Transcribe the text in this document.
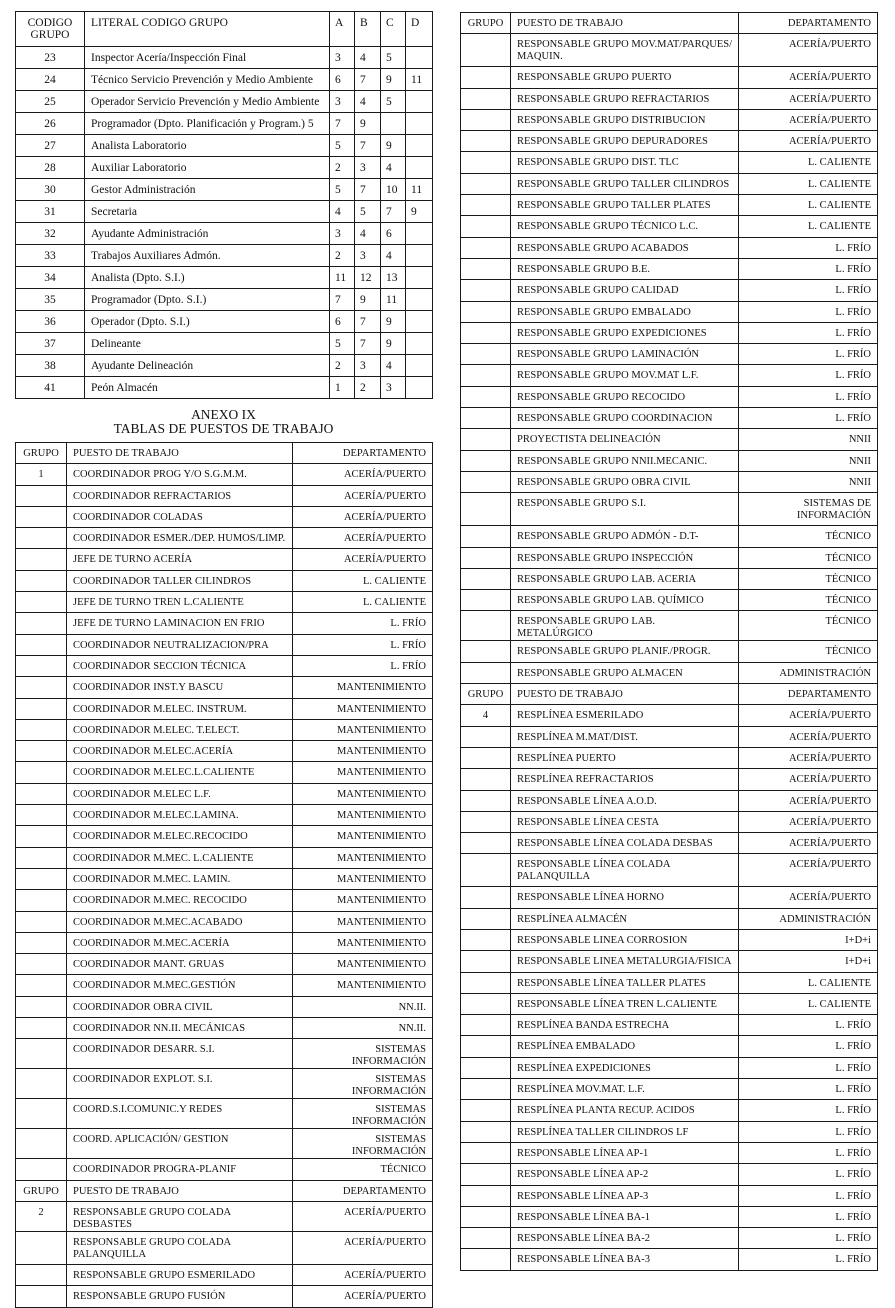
CODIGO GRUPO	LITERAL CODIGO GRUPO	A	B	C	D
23	Inspector Acería/Inspección Final	3	4	5	
24	Técnico Servicio Prevención y Medio Ambiente	6	7	9	11
25	Operador Servicio Prevención y Medio Ambiente	3	4	5	
26	Programador (Dpto. Planificación y Program.) 5	7	9		
27	Analista Laboratorio	5	7	9	
28	Auxiliar Laboratorio	2	3	4	
30	Gestor Administración	5	7	10	11
31	Secretaria	4	5	7	9
32	Ayudante Administración	3	4	6	
33	Trabajos Auxiliares Admón.	2	3	4	
34	Analista (Dpto. S.I.)	11	12	13	
35	Programador (Dpto. S.I.)	7	9	11	
36	Operador (Dpto. S.I.)	6	7	9	
37	Delineante	5	7	9	
38	Ayudante Delineación	2	3	4	
41	Peón Almacén	1	2	3	
ANEXO IX
TABLAS DE PUESTOS DE TRABAJO
GRUPO	PUESTO DE TRABAJO	DEPARTAMENTO
1	COORDINADOR PROG Y/O S.G.M.M.	ACERÍA/PUERTO
	COORDINADOR REFRACTARIOS	ACERÍA/PUERTO
	COORDINADOR COLADAS	ACERÍA/PUERTO
	COORDINADOR ESMER./DEP. HUMOS/LIMP.	ACERÍA/PUERTO
	JEFE DE TURNO ACERÍA	ACERÍA/PUERTO
	COORDINADOR TALLER CILINDROS	L. CALIENTE
	JEFE DE TURNO TREN L.CALIENTE	L. CALIENTE
	JEFE DE TURNO LAMINACION EN FRIO	L. FRÍO
	COORDINADOR NEUTRALIZACION/PRA	L. FRÍO
	COORDINADOR SECCION TÉCNICA	L. FRÍO
	COORDINADOR INST.Y BASCU	MANTENIMIENTO
	COORDINADOR M.ELEC. INSTRUM.	MANTENIMIENTO
	COORDINADOR M.ELEC. T.ELECT.	MANTENIMIENTO
	COORDINADOR M.ELEC.ACERÍA	MANTENIMIENTO
	COORDINADOR M.ELEC.L.CALIENTE	MANTENIMIENTO
	COORDINADOR M.ELEC L.F.	MANTENIMIENTO
	COORDINADOR M.ELEC.LAMINA.	MANTENIMIENTO
	COORDINADOR M.ELEC.RECOCIDO	MANTENIMIENTO
	COORDINADOR M.MEC. L.CALIENTE	MANTENIMIENTO
	COORDINADOR M.MEC. LAMIN.	MANTENIMIENTO
	COORDINADOR M.MEC. RECOCIDO	MANTENIMIENTO
	COORDINADOR M.MEC.ACABADO	MANTENIMIENTO
	COORDINADOR M.MEC.ACERÍA	MANTENIMIENTO
	COORDINADOR MANT. GRUAS	MANTENIMIENTO
	COORDINADOR M.MEC.GESTIÓN	MANTENIMIENTO
	COORDINADOR OBRA CIVIL	NN.II.
	COORDINADOR NN.II. MECÁNICAS	NN.II.
	COORDINADOR DESARR. S.I.	SISTEMAS INFORMACIÓN
	COORDINADOR EXPLOT. S.I.	SISTEMAS INFORMACIÓN
	COORD.S.I.COMUNIC.Y REDES	SISTEMAS INFORMACIÓN
	COORD. APLICACIÓN/ GESTION	SISTEMAS INFORMACIÓN
	COORDINADOR PROGRA-PLANIF	TÉCNICO
GRUPO	PUESTO DE TRABAJO	DEPARTAMENTO
2	RESPONSABLE GRUPO COLADA DESBASTES	ACERÍA/PUERTO
	RESPONSABLE GRUPO COLADA PALANQUILLA	ACERÍA/PUERTO
	RESPONSABLE GRUPO ESMERILADO	ACERÍA/PUERTO
	RESPONSABLE GRUPO FUSIÓN	ACERÍA/PUERTO
GRUPO	PUESTO DE TRABAJO	DEPARTAMENTO
	RESPONSABLE GRUPO MOV.MAT/PARQUES/ MAQUIN.	ACERÍA/PUERTO
	RESPONSABLE GRUPO PUERTO	ACERÍA/PUERTO
	RESPONSABLE GRUPO REFRACTARIOS	ACERÍA/PUERTO
	RESPONSABLE GRUPO DISTRIBUCION	ACERÍA/PUERTO
	RESPONSABLE GRUPO DEPURADORES	ACERÍA/PUERTO
	RESPONSABLE GRUPO DIST. TLC	L. CALIENTE
	RESPONSABLE GRUPO TALLER CILINDROS	L. CALIENTE
	RESPONSABLE GRUPO TALLER PLATES	L. CALIENTE
	RESPONSABLE GRUPO TÉCNICO L.C.	L. CALIENTE
	RESPONSABLE GRUPO ACABADOS	L. FRÍO
	RESPONSABLE GRUPO B.E.	L. FRÍO
	RESPONSABLE GRUPO CALIDAD	L. FRÍO
	RESPONSABLE GRUPO EMBALADO	L. FRÍO
	RESPONSABLE GRUPO EXPEDICIONES	L. FRÍO
	RESPONSABLE GRUPO LAMINACIÓN	L. FRÍO
	RESPONSABLE GRUPO MOV.MAT L.F.	L. FRÍO
	RESPONSABLE GRUPO RECOCIDO	L. FRÍO
	RESPONSABLE GRUPO COORDINACION	L. FRÍO
	PROYECTISTA DELINEACIÓN	NNII
	RESPONSABLE GRUPO NNII.MECANIC.	NNII
	RESPONSABLE GRUPO OBRA CIVIL	NNII
	RESPONSABLE GRUPO S.I.	SISTEMAS DE INFORMACIÓN
	RESPONSABLE GRUPO ADMÓN - D.T-	TÉCNICO
	RESPONSABLE GRUPO INSPECCIÓN	TÉCNICO
	RESPONSABLE GRUPO LAB. ACERIA	TÉCNICO
	RESPONSABLE GRUPO LAB. QUÍMICO	TÉCNICO
	RESPONSABLE GRUPO LAB. METALÚRGICO	TÉCNICO
	RESPONSABLE GRUPO PLANIF./PROGR.	TÉCNICO
	RESPONSABLE GRUPO ALMACEN	ADMINISTRACIÓN
GRUPO	PUESTO DE TRABAJO	DEPARTAMENTO
4	RESPLÍNEA ESMERILADO	ACERÍA/PUERTO
	RESPLÍNEA M.MAT/DIST.	ACERÍA/PUERTO
	RESPLÍNEA PUERTO	ACERÍA/PUERTO
	RESPLÍNEA REFRACTARIOS	ACERÍA/PUERTO
	RESPONSABLE LÍNEA A.O.D.	ACERÍA/PUERTO
	RESPONSABLE LÍNEA CESTA	ACERÍA/PUERTO
	RESPONSABLE LÍNEA COLADA DESBAS	ACERÍA/PUERTO
	RESPONSABLE LÍNEA COLADA PALANQUILLA	ACERÍA/PUERTO
	RESPONSABLE LÍNEA HORNO	ACERÍA/PUERTO
	RESPLÍNEA ALMACÉN	ADMINISTRACIÓN
	RESPONSABLE LINEA CORROSION	I+D+i
	RESPONSABLE LINEA METALURGIA/FISICA	I+D+i
	RESPONSABLE LÍNEA TALLER PLATES	L. CALIENTE
	RESPONSABLE LÍNEA TREN L.CALIENTE	L. CALIENTE
	RESPLÍNEA BANDA ESTRECHA	L. FRÍO
	RESPLÍNEA EMBALADO	L. FRÍO
	RESPLÍNEA EXPEDICIONES	L. FRÍO
	RESPLÍNEA MOV.MAT. L.F.	L. FRÍO
	RESPLÍNEA PLANTA RECUP. ACIDOS	L. FRÍO
	RESPLÍNEA TALLER CILINDROS LF	L. FRÍO
	RESPONSABLE LÍNEA AP-1	L. FRÍO
	RESPONSABLE LÍNEA AP-2	L. FRÍO
	RESPONSABLE LÍNEA AP-3	L. FRÍO
	RESPONSABLE LÍNEA BA-1	L. FRÍO
	RESPONSABLE LÍNEA BA-2	L. FRÍO
	RESPONSABLE LÍNEA BA-3	L. FRÍO
